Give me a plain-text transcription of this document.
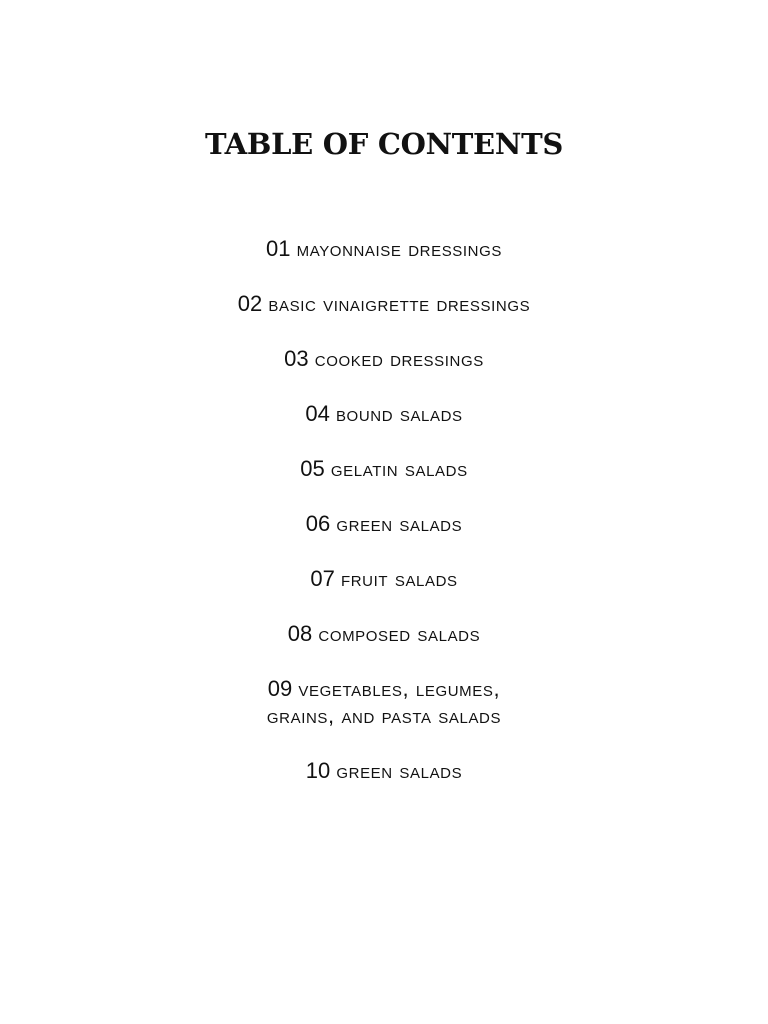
TABLE OF CONTENTS
01 mayonnaise dressings
02 basic vinaigrette dressings
03 cooked dressings
04 bound salads
05 gelatin salads
06 green salads
07 fruit salads
08 composed salads
09 vegetables, legumes,
grains, and pasta salads
10 green salads
